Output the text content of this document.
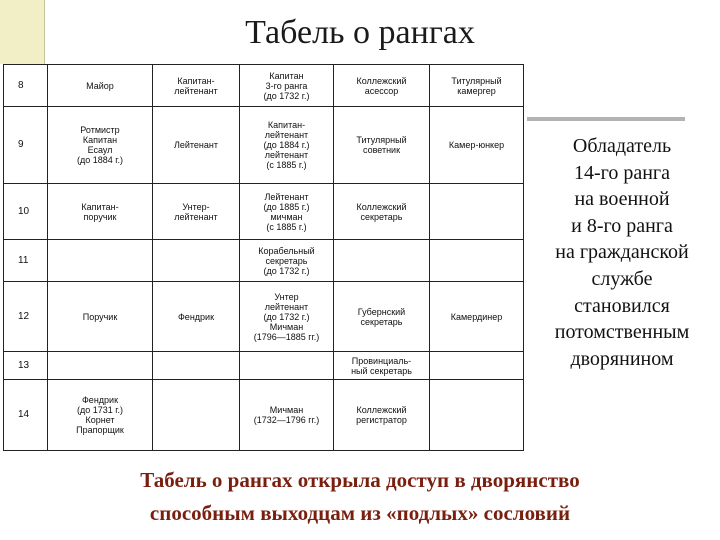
Табель о рангах
8	Майор	Капитан-
лейтенант	Капитан
3-го ранга
(до 1732 г.)	Коллежский
асессор	Титулярный
камергер
9	Ротмистр
Капитан
Есаул
(до 1884 г.)	Лейтенант	Капитан-
лейтенант
(до 1884 г.)
лейтенант
(с 1885 г.)	Титулярный
советник	Камер-юнкер
10	Капитан-
поручик	Унтер-
лейтенант	Лейтенант
(до 1885 г.)
мичман
(с 1885 г.)	Коллежский
секретарь	
11			Корабельный
секретарь
(до 1732 г.)		
12	Поручик	Фендрик	Унтер
лейтенант
(до 1732 г.)
Мичман
(1796—1885 гг.)	Губернский
секретарь	Камердинер
13				Провинциаль-
ный секретарь	
14	Фендрик
(до 1731 г.)
Корнет
Прапорщик		Мичман
(1732—1796 гг.)	Коллежский
регистратор	
Обладатель
14-го ранга
на военной
и 8-го ранга
на гражданской
службе
становился
потомственным
дворянином
Табель о рангах открыла доступ в дворянство
способным выходцам из «подлых» сословий
